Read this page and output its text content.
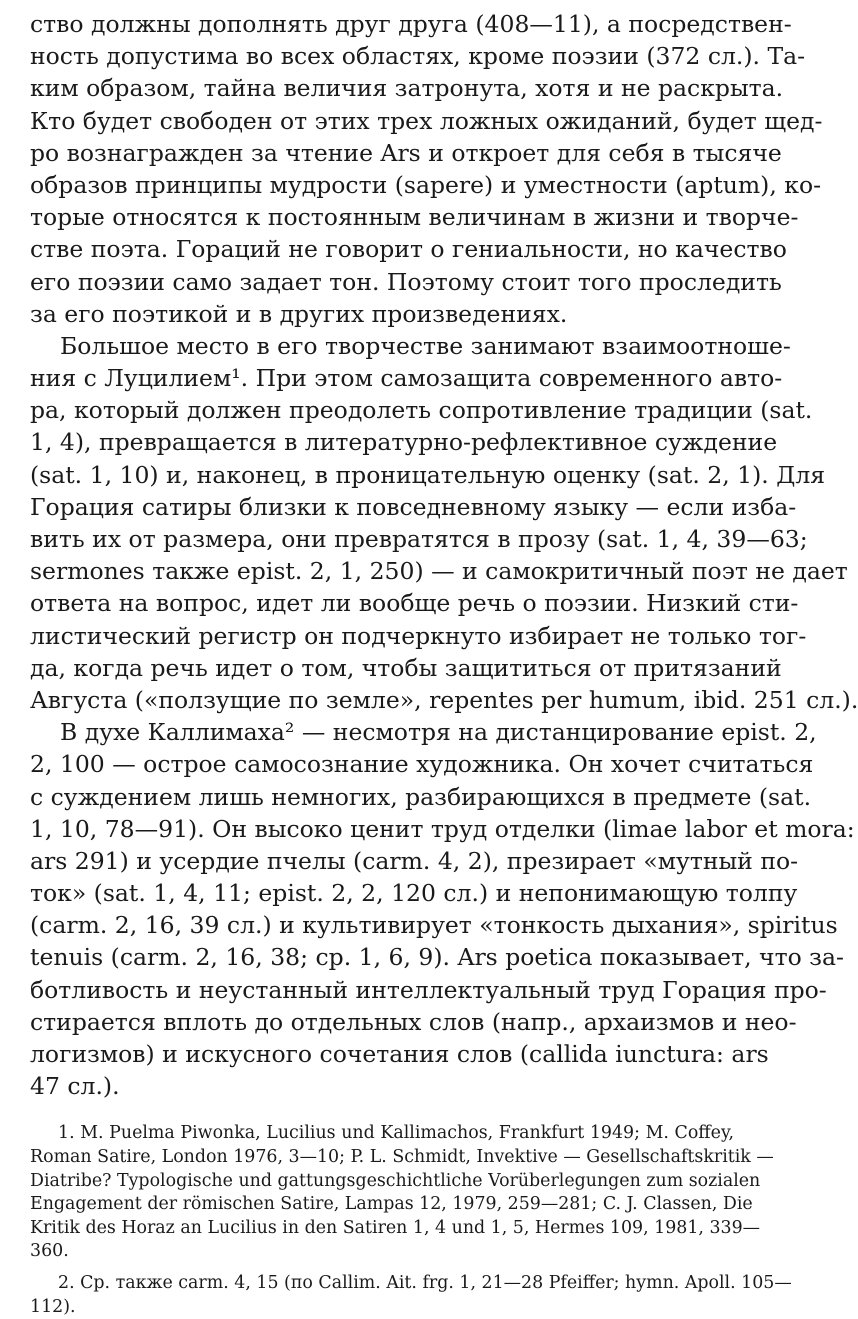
ство должны дополнять друг друга (408—11), а посредствен-
ность допустима во всех областях, кроме поэзии (372 сл.). Та-
ким образом, тайна величия затронута, хотя и не раскрыта.
Кто будет свободен от этих трех ложных ожиданий, будет щед-
ро вознагражден за чтение Ars и откроет для себя в тысяче
образов принципы мудрости (sapere) и уместности (aptum), ко-
торые относятся к постоянным величинам в жизни и творче-
стве поэта. Гораций не говорит о гениальности, но качество
его поэзии само задает тон. Поэтому стоит того проследить
за его поэтикой и в других произведениях.

Большое место в его творчестве занимают взаимоотноше-
ния с Луцилием¹. При этом самозащита современного авто-
ра, который должен преодолеть сопротивление традиции (sat.
1, 4), превращается в литературно-рефлективное суждение
(sat. 1, 10) и, наконец, в проницательную оценку (sat. 2, 1). Для
Горация сатиры близки к повседневному языку — если избa-
вить их от размера, они превратятся в прозу (sat. 1, 4, 39—63;
sermones также epist. 2, 1, 250) — и самокритичный поэт не дает
ответа на вопрос, идет ли вообще речь о поэзии. Низкий сти-
листический регистр он подчеркнуто избирает не только тог-
да, когда речь идет о том, чтобы защититься от притязаний
Августа («ползущие по земле», repentes per humum, ibid. 251 сл.).

В духе Каллимаха² — несмотря на дистанцирование epist. 2,
2, 100 — острое самосознание художника. Он хочет считаться
с суждением лишь немногих, разбирающихся в предмете (sat.
1, 10, 78—91). Он высоко ценит труд отделки (limae labor et mora:
ars 291) и усердие пчелы (carm. 4, 2), презирает «мутный по-
ток» (sat. 1, 4, 11; epist. 2, 2, 120 сл.) и непонимающую толпу
(carm. 2, 16, 39 сл.) и культивирует «тонкость дыхания», spiritus
tenuis (carm. 2, 16, 38; ср. 1, 6, 9). Ars poetica показывает, что за-
ботливость и неустанный интеллектуальный труд Горация про-
стирается вплоть до отдельных слов (напр., архаизмов и нео-
логизмов) и искусного сочетания слов (callida iunctura: ars
47 сл.).

1. M. Puelma Piwonka, Lucilius und Kallimachos, Frankfurt 1949; M. Coffey,
Roman Satire, London 1976, 3—10; P. L. Schmidt, Invektive — Gesellschaftskritik —
Diatribe? Typologische und gattungsgeschichtliche Vorüberlegungen zum sozialen
Engagement der römischen Satire, Lampas 12, 1979, 259—281; C. J. Classen, Die
Kritik des Horaz an Lucilius in den Satiren 1, 4 und 1, 5, Hermes 109, 1981, 339—
360.
2. Ср. также carm. 4, 15 (по Callim. Ait. frg. 1, 21—28 Pfeiffer; hymn. Apoll. 105—
112).
